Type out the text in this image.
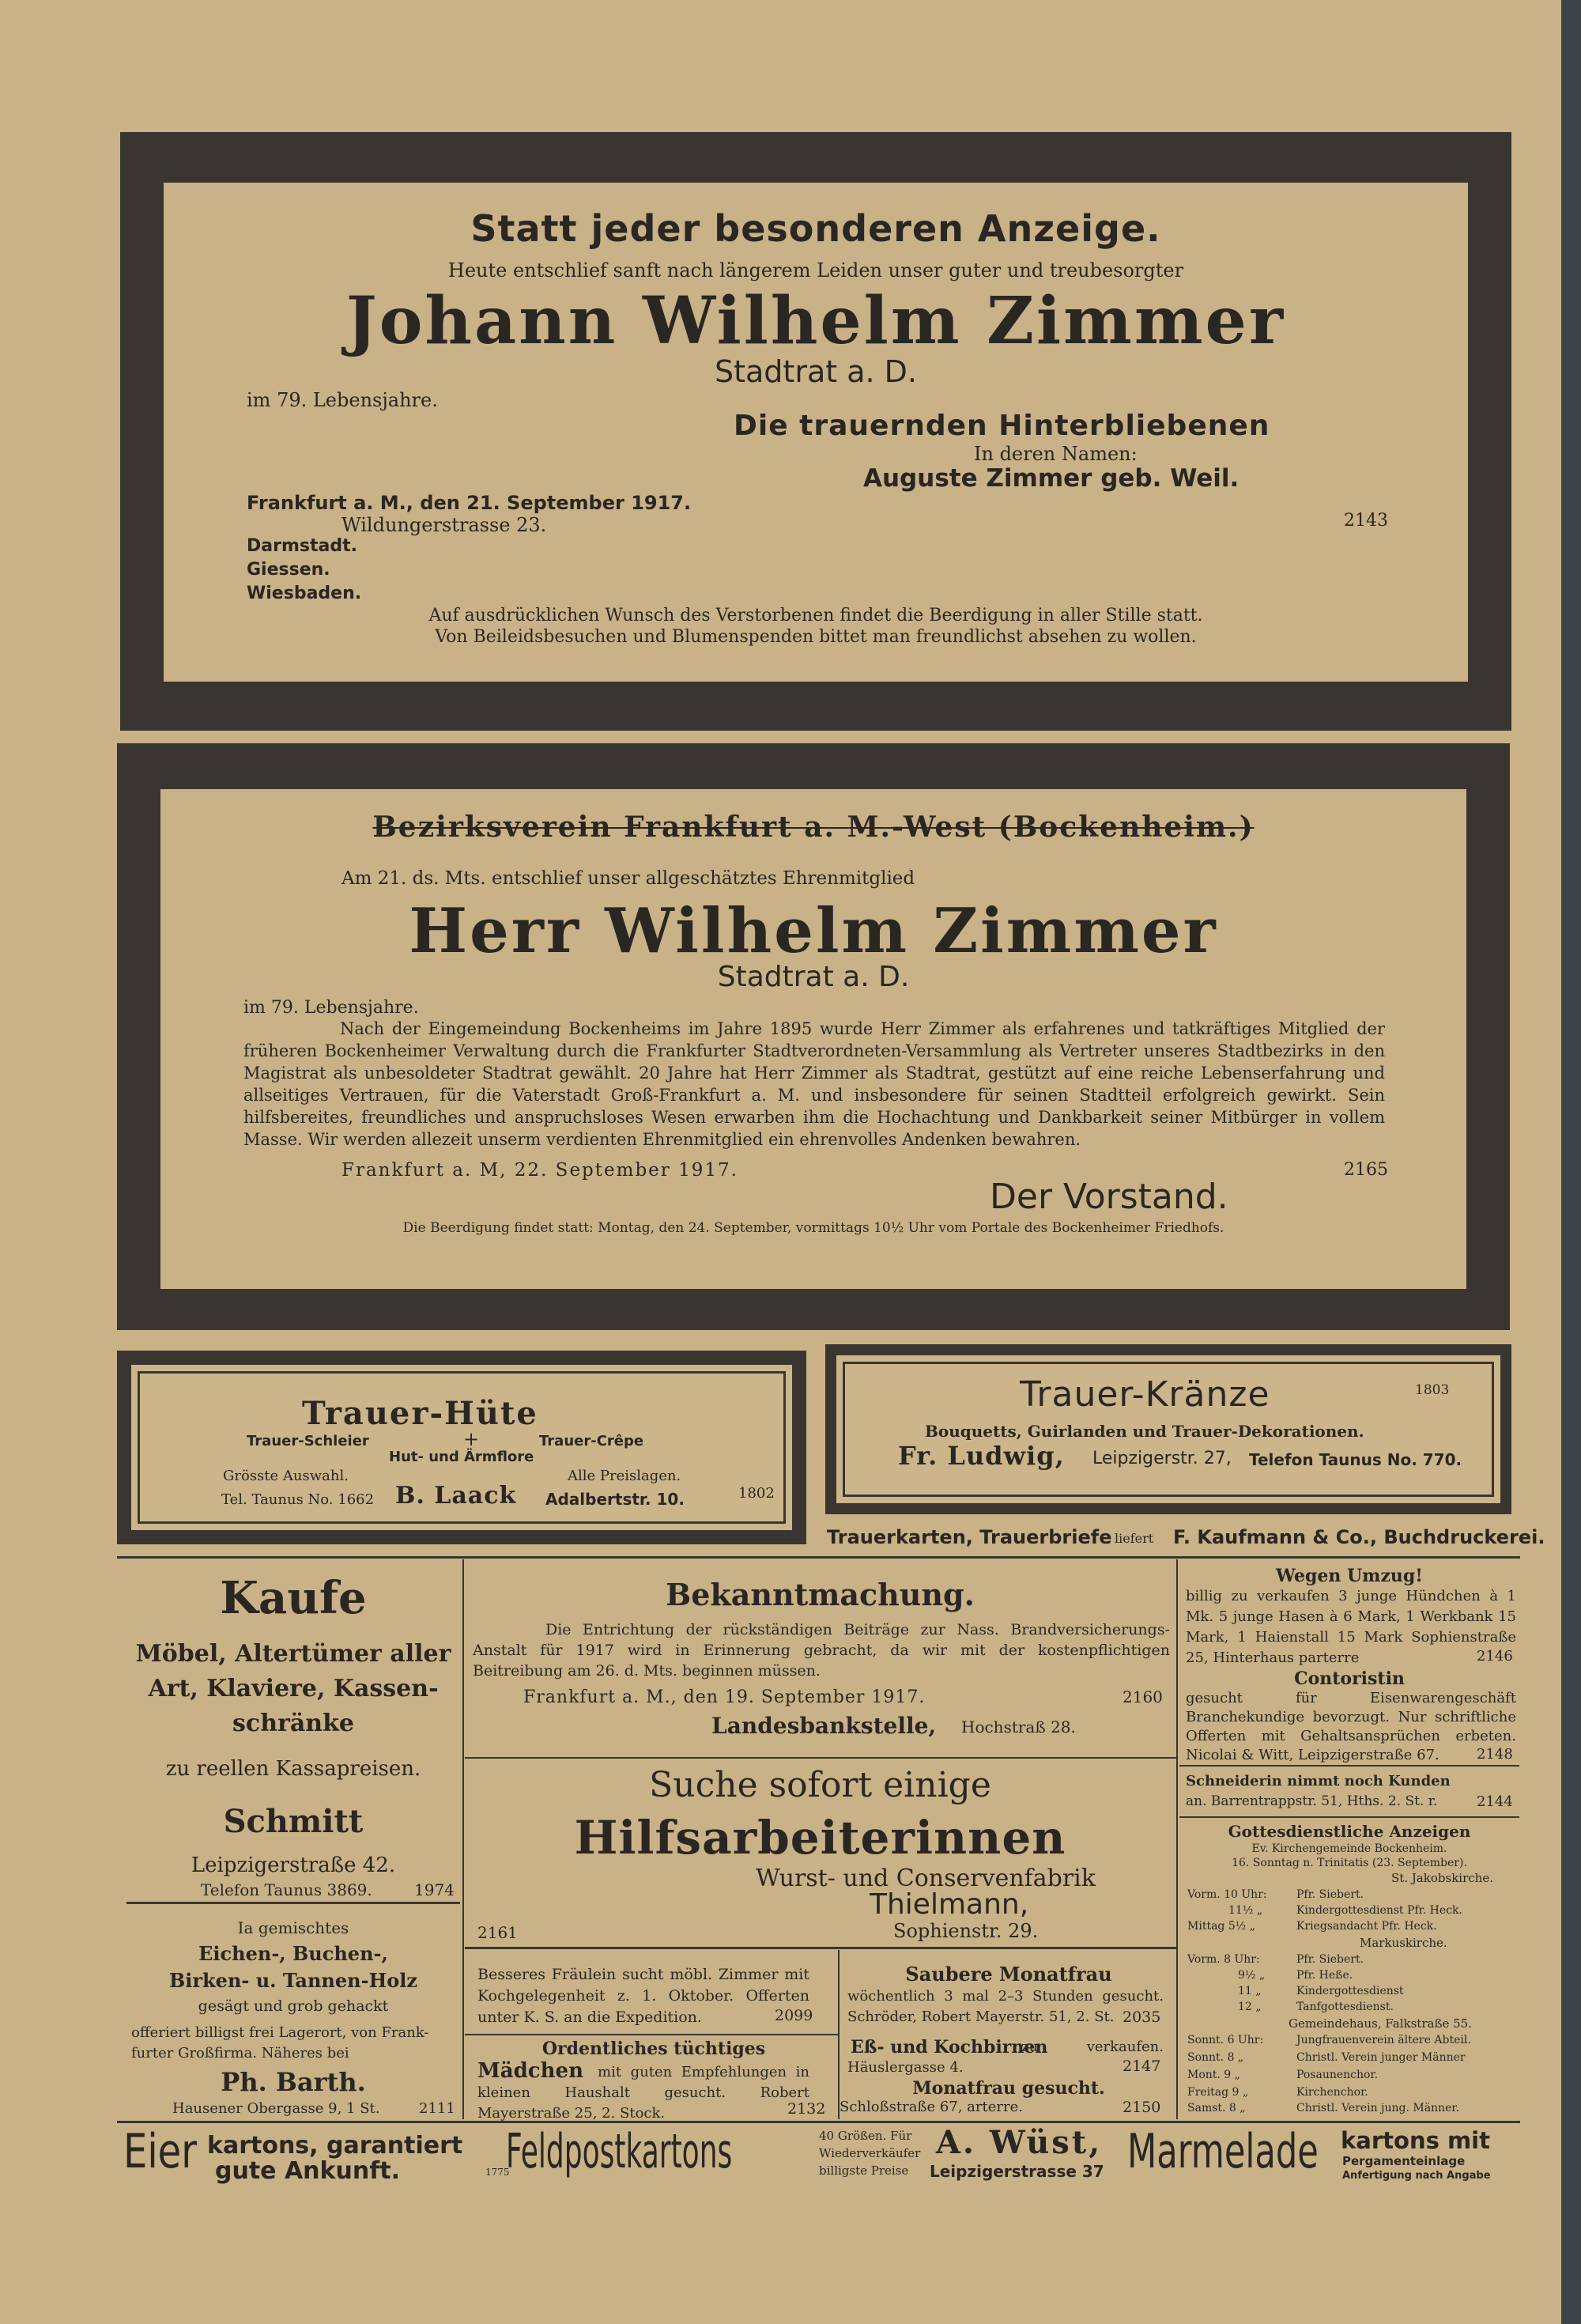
Statt jeder besonderen Anzeige.
Heute entschlief sanft nach längerem Leiden unser guter und treubesorgter
Johann Wilhelm Zimmer
Stadtrat a. D.
im 79. Lebensjahre.
Die trauernden Hinterbliebenen
In deren Namen:
Auguste Zimmer geb. Weil.
Frankfurt a. M., den 21. September 1917.
Wildungerstrasse 23.	2143
Darmstadt.
Giessen.
Wiesbaden.
Auf ausdrücklichen Wunsch des Verstorbenen findet die Beerdigung in aller Stille statt.
Von Beileidsbesuchen und Blumenspenden bittet man freundlichst absehen zu wollen.
Bezirksverein Frankfurt a. M.-West (Bockenheim.)
Am 21. ds. Mts. entschlief unser allgeschätztes Ehrenmitglied
Herr Wilhelm Zimmer
Stadtrat a. D.
im 79. Lebensjahre.
Nach der Eingemeindung Bockenheims im Jahre 1895 wurde Herr Zimmer als erfahrenes und tatkräftiges Mitglied der früheren Bockenheimer Verwaltung durch die Frankfurter Stadtverordneten-Versammlung als Vertreter unseres Stadtbezirks in den Magistrat als unbesoldeter Stadtrat gewählt. 20 Jahre hat Herr Zimmer als Stadtrat, gestützt auf eine reiche Lebenserfahrung und allseitiges Vertrauen, für die Vaterstadt Groß-Frankfurt a. M. und insbesondere für seinen Stadtteil erfolgreich gewirkt. Sein hilfsbereites, freundliches und anspruchsloses Wesen erwarben ihm die Hochachtung und Dankbarkeit seiner Mitbürger in vollem Masse. Wir werden allezeit unserm verdienten Ehrenmitglied ein ehrenvolles Andenken bewahren.
Frankfurt a. M, 22. September 1917.	2165
Der Vorstand.
Die Beerdigung findet statt: Montag, den 24. September, vormittags 10½ Uhr vom Portale des Bockenheimer Friedhofs.
Trauer-Hüte
Trauer-Schleier	+	Trauer-Crêpe
Hut- und Ärmflore
Grösste Auswahl.	Alle Preislagen.
Tel. Taunus No. 1662 B. Laack Adalbertstr. 10.	1802
Trauer-Kränze	1803
Bouquetts, Guirlanden und Trauer-Dekorationen.
Fr. Ludwig, Leipzigerstr. 27, Telefon Taunus No. 770.
Trauerkarten, Trauerbriefe liefert F. Kaufmann & Co., Buchdruckerei.
Kaufe
Möbel, Altertümer aller
Art, Klaviere, Kassen-
schränke
zu reellen Kassapreisen.
Schmitt
Leipzigerstraße 42.
Telefon Taunus 3869.	1974
Ia gemischtes
Eichen-, Buchen-,
Birken- u. Tannen-Holz
gesägt und grob gehackt
offeriert billigst frei Lagerort, von Frank-
furter Großfirma. Näheres bei
Ph. Barth.
Hausener Obergasse 9, 1 St.	2111
Bekanntmachung.
Die Entrichtung der rückständigen Beiträge zur Nass. Brandversicherungs-Anstalt für 1917 wird in Erinnerung gebracht, da wir mit der kostenpflichtigen Beitreibung am 26. d. Mts. beginnen müssen.
Frankfurt a. M., den 19. September 1917.	2160
Landesbankstelle, Hochstraß 28.
Suche sofort einige
Hilfsarbeiterinnen
Wurst- und Conservenfabrik
Thielmann,
Sophienstr. 29.
2161
Besseres Fräulein sucht möbl. Zimmer mit Kochgelegenheit z. 1. Oktober. Offerten unter K. S. an die Expedition.	2099
Ordentliches tüchtiges
Mädchen	mit guten Empfehlungen in kleinen Haushalt gesucht. Robert Mayerstraße 25, 2. Stock.	2132
Saubere Monatfrau
wöchentlich 3 mal 2–3 Stunden gesucht. Schröder, Robert Mayerstr. 51, 2. St. 2035
Eß- und Kochbirnen
zu verkaufen. Häuslergasse 4.	2147
Monatfrau gesucht.
Schloßstraße 67, arterre.	2150
Wegen Umzug!
billig zu verkaufen 3 junge Hündchen à 1 Mk. 5 junge Hasen à 6 Mark, 1 Werkbank 15 Mark, 1 Haienstall 15 Mark Sophienstraße 25, Hinterhaus parterre	2146
Contoristin
gesucht für Eisenwarengeschäft Branchekundige bevorzugt. Nur schriftliche Offerten mit Gehaltsansprüchen erbeten. Nicolai & Witt, Leipzigerstraße 67.	2148
Schneiderin nimmt noch Kunden
an. Barrentrappstr. 51, Hths. 2. St. r.	2144
Gottesdienstliche Anzeigen
Ev. Kirchengemeinde Bockenheim.
16. Sonntag n. Trinitatis (23. September).
St. Jakobskirche.
Vorm. 10 Uhr:	Pfr. Siebert.
11½ „	Kindergottesdienst Pfr. Heck.
Mittag 5½ „	Kriegsandacht Pfr. Heck.
Markuskirche.
Vorm. 8 Uhr:	Pfr. Siebert.
9½ „	Pfr. Heße.
11 „	Kindergottesdienst
12 „	Tanfgottesdienst.
Gemeindehaus, Falkstraße 55.
Sonnt. 6 Uhr:	Jungfrauenverein ältere Abteil.
Sonnt. 8 „	Christl. Verein junger Männer
Mont. 9 „	Posaunenchor.
Freitag 9 „	Kirchenchor.
Samst. 8 „	Christl. Verein jung. Männer.
Eier kartons, garantiert
gute Ankunft.	1775
Feldpostkartons	40 Größen. Für
Wiederverkäufer
billigste Preise
A. Wüst,
Leipzigerstrasse 37 Marmelade kartons mit
Pergamenteinlage
Anfertigung nach Angabe
